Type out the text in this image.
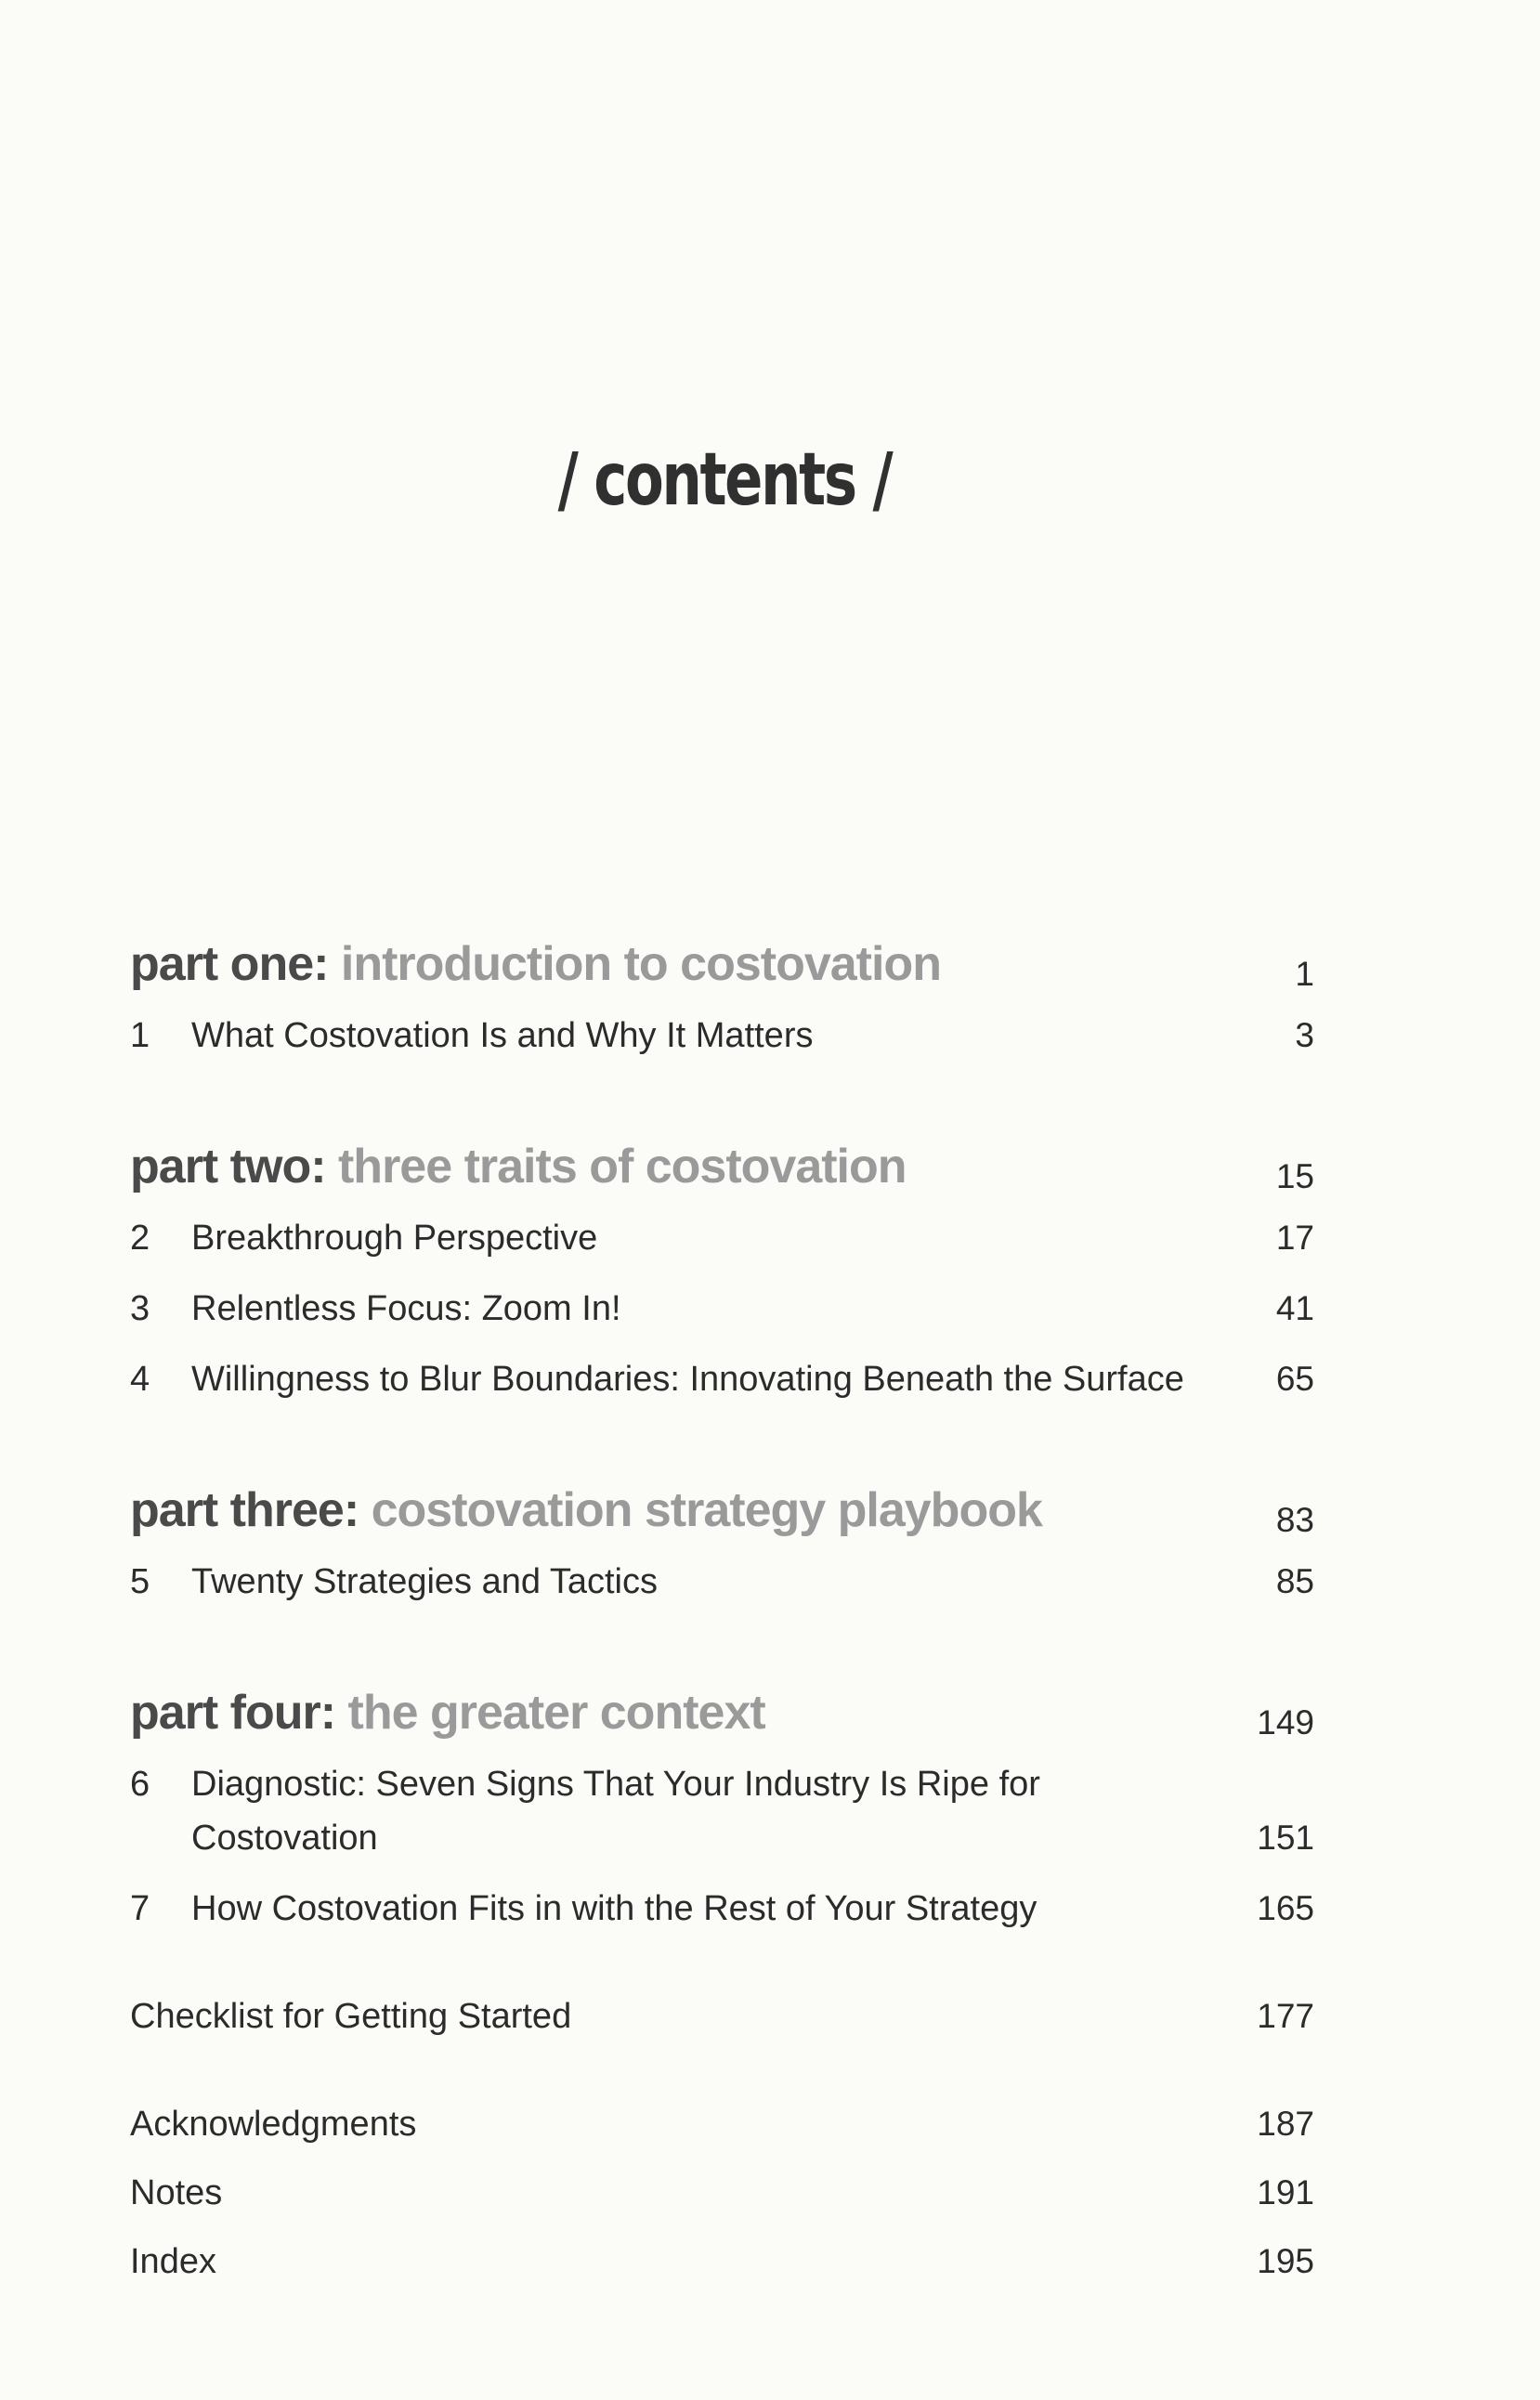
/ contents /
part one: introduction to costovation	1
1 What Costovation Is and Why It Matters	3
part two: three traits of costovation	15
2 Breakthrough Perspective	17
3 Relentless Focus: Zoom In!	41
4 Willingness to Blur Boundaries: Innovating Beneath the Surface	65
part three: costovation strategy playbook	83
5 Twenty Strategies and Tactics	85
part four: the greater context	149
6 Diagnostic: Seven Signs That Your Industry Is Ripe for Costovation	151
7 How Costovation Fits in with the Rest of Your Strategy	165
Checklist for Getting Started	177
Acknowledgments	187
Notes	191
Index	195
